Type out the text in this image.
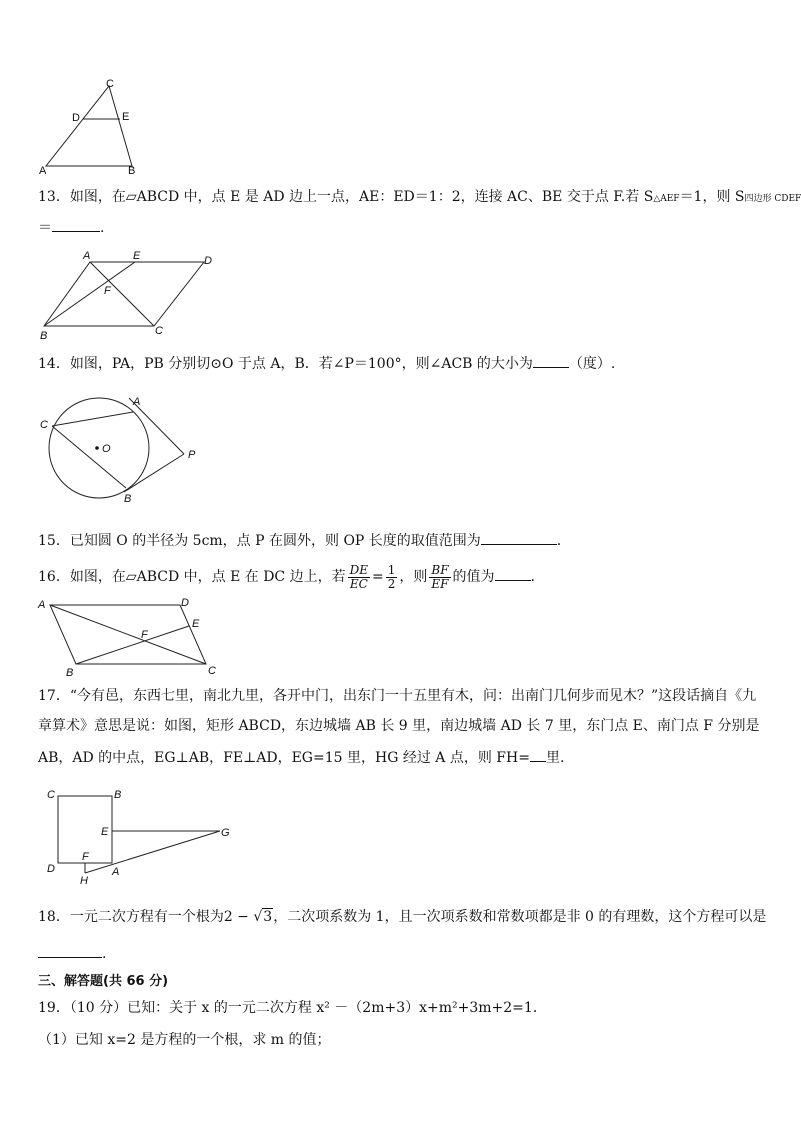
C
D	E
A	B
13．如图，在▱ABCD 中，点 E 是 AD 边上一点，AE：ED＝1：2，连接 AC、BE 交于点 F.若 S△AEF＝1，则 S四边形 CDEF
＝	.
A	E	D
F
B	C
14．如图，PA，PB 分别切⊙O 于点 A，B．若∠P＝100°，则∠ACB 的大小为	（度）.
C
A
O	P
B
15．已知圆 O 的半径为 5cm，点 P 在圆外，则 OP 长度的取值范围为	.
16．如图，在▱ABCD 中，点 E 在 DC 边上，若 $\frac{DE}{EC} = \frac{1}{2}$ ，则 $\frac{BF}{EF}$ 的值为	.
A	D
E
F
B	C
17．“今有邑，东西七里，南北九里，各开中门，出东门一十五里有木，问：出南门几何步而见木？”这段话摘自《九
章算术》意思是说：如图，矩形 ABCD，东边城墙 AB 长 9 里，南边城墙 AD 长 7 里，东门点 E、南门点 F 分别是
AB，AD 的中点，EG⊥AB，FE⊥AD，EG=15 里，HG 经过 A 点，则 FH= 里.
C	B
E	G
F
D	A
H
18．一元二次方程有一个根为2 − √3，二次项系数为 1，且一次项系数和常数项都是非 0 的有理数，这个方程可以是
.
三、解答题(共 66 分)
19．（10 分）已知：关于 x 的一元二次方程 x² －（2m+3）x+m²+3m+2=1．
（1）已知 x=2 是方程的一个根，求 m 的值；
